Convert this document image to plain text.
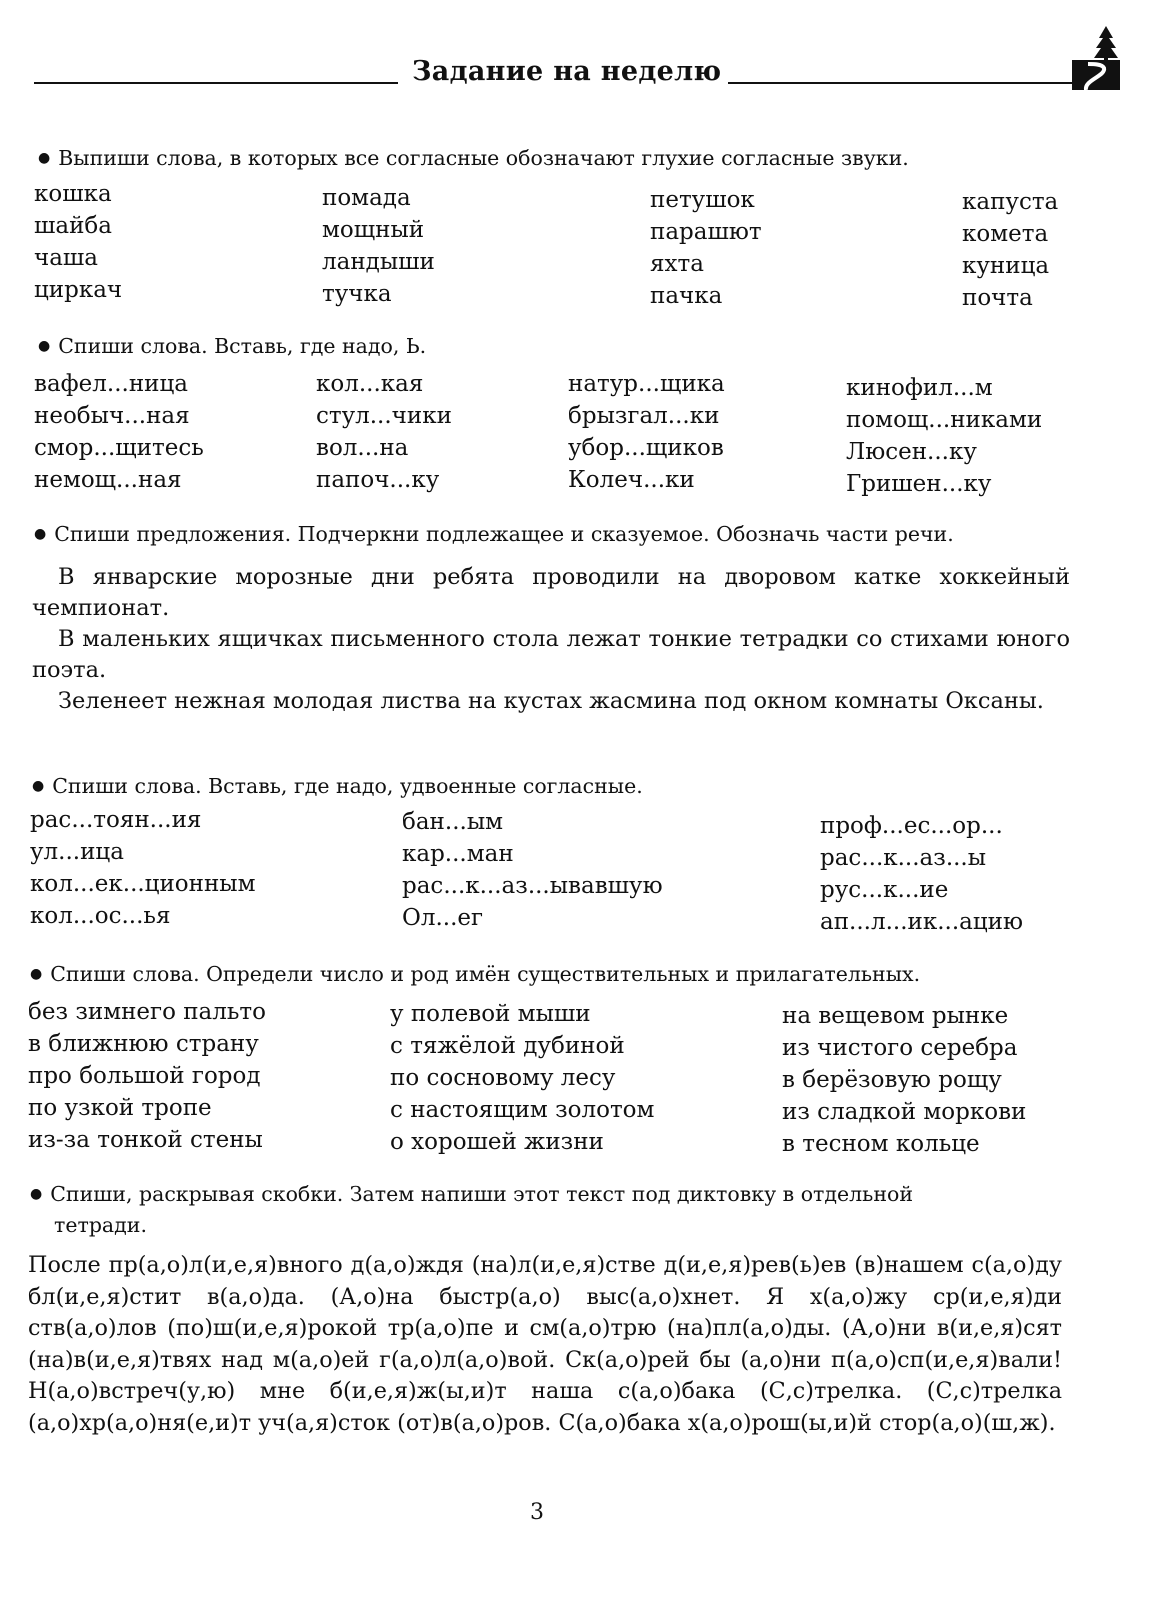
Задание на неделю
● Выпиши слова, в которых все согласные обозначают глухие согласные звуки.
кошка
шайба
чаша
циркач
помада
мощный
ландыши
тучка
петушок
парашют
яхта
пачка
капуста
комета
куница
почта
● Спиши слова. Вставь, где надо, Ь.
вафел...ница
необыч...ная
смор...щитесь
немощ...ная
кол...кая
стул...чики
вол...на
папоч...ку
натур...щика
брызгал...ки
убор...щиков
Колеч...ки
кинофил...м
помощ...никами
Люсен...ку
Гришен...ку
● Спиши предложения. Подчеркни подлежащее и сказуемое. Обозначь части речи.

В январские морозные дни ребята проводили на дворовом катке хоккейный чемпионат.

В маленьких ящичках письменного стола лежат тонкие тетрадки со стихами юного поэта.

Зеленеет нежная молодая листва на кустах жасмина под окном комнаты Оксаны.

● Спиши слова. Вставь, где надо, удвоенные согласные.
рас...тоян...ия
ул...ица
кол...ек...ционным
кол...ос...ья
бан...ым
кар...ман
рас...к...аз...ывавшую
Ол...ег
проф...ес...ор...
рас...к...аз...ы
рус...к...ие
ап...л...ик...ацию
● Спиши слова. Определи число и род имён существительных и прилагательных.
без зимнего пальто
в ближнюю страну
про большой город
по узкой тропе
из-за тонкой стены
у полевой мыши
с тяжёлой дубиной
по сосновому лесу
с настоящим золотом
о хорошей жизни
на вещевом рынке
из чистого серебра
в берёзовую рощу
из сладкой моркови
в тесном кольце
● Спиши, раскрывая скобки. Затем напиши этот текст под диктовку в отдельной
тетради.

После пр(а,о)л(и,е,я)вного д(а,о)ждя (на)л(и,е,я)стве д(и,е,я)рев(ь)ев (в)нашем с(а,о)ду бл(и,е,я)стит в(а,о)да. (А,о)на быстр(а,о) выс(а,о)хнет. Я х(а,о)жу ср(и,е,я)ди ств(а,о)лов (по)ш(и,е,я)рокой тр(а,о)пе и см(а,о)трю (на)пл(а,о)ды. (А,о)ни в(и,е,я)сят (на)в(и,е,я)твях над м(а,о)ей г(а,о)л(а,о)вой. Ск(а,о)рей бы (а,о)ни п(а,о)сп(и,е,я)вали! Н(а,о)встреч(у,ю) мне б(и,е,я)ж(ы,и)т наша с(а,о)бака (С,с)трелка. (С,с)трелка (а,о)хр(а,о)ня(е,и)т уч(а,я)сток (от)в(а,о)ров. С(а,о)бака х(а,о)рош(ы,и)й стор(а,о)(ш,ж).

3
